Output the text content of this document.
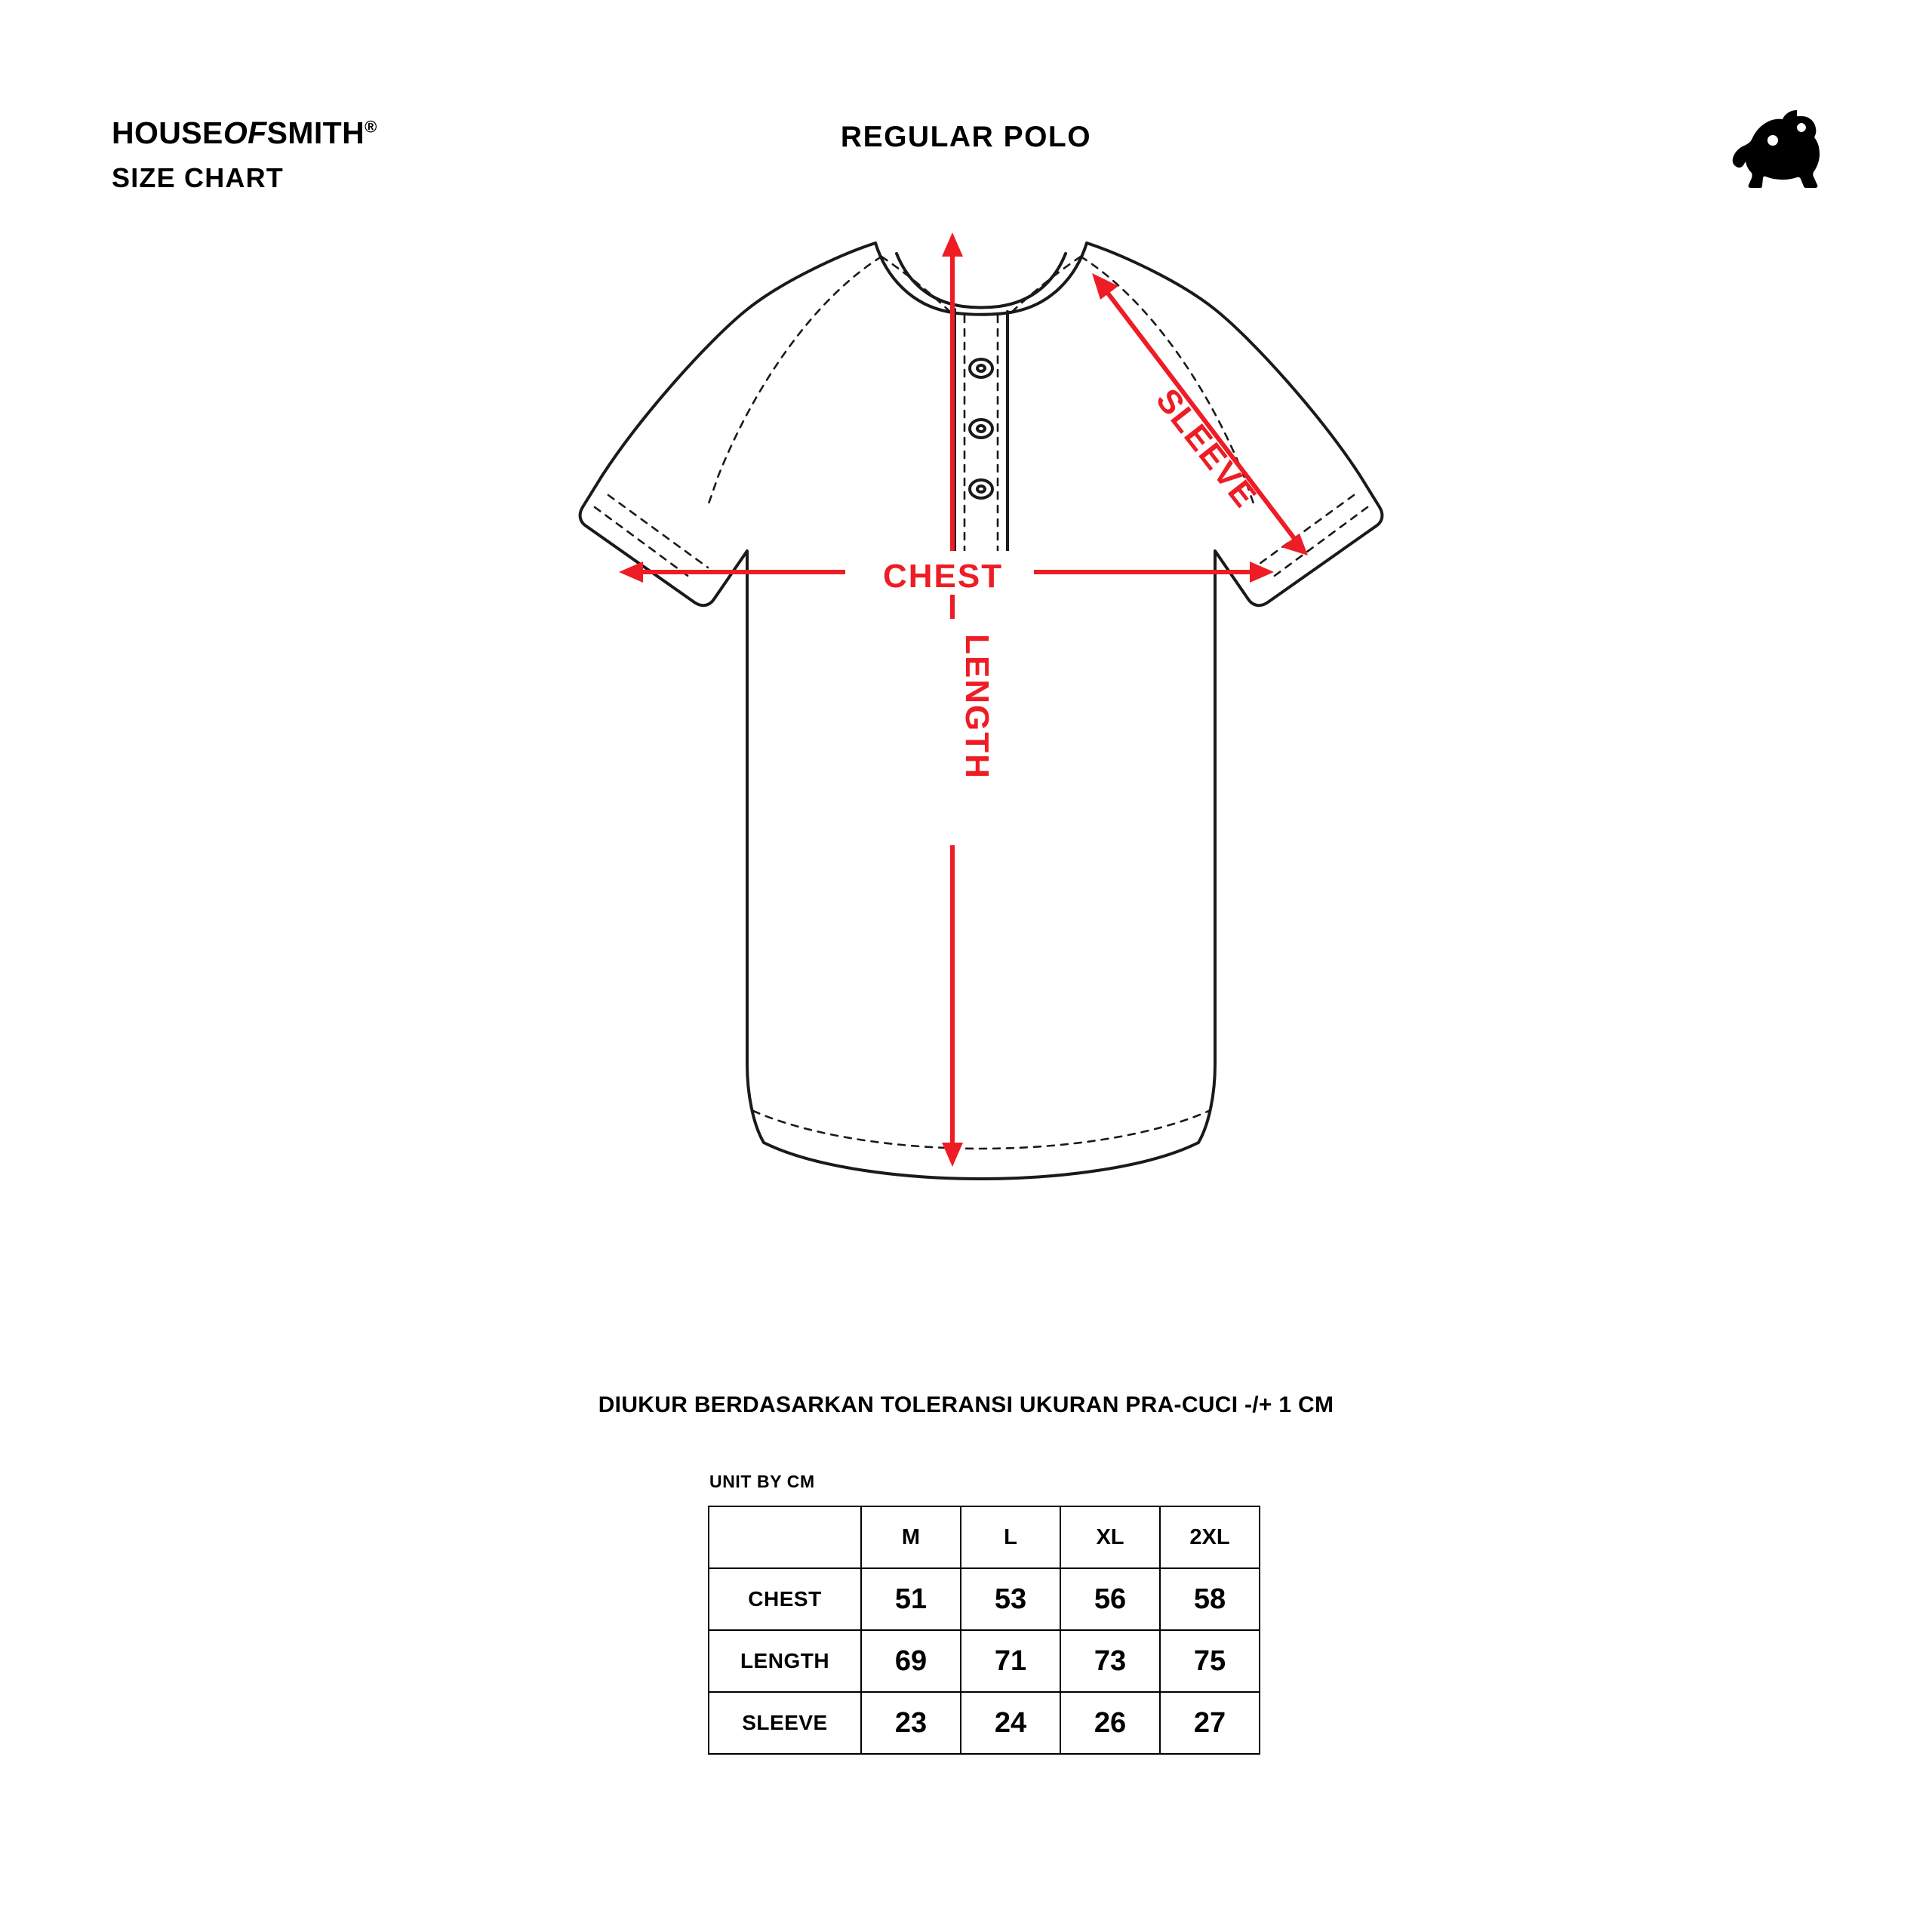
HOUSEOFSMITH®
SIZE CHART
REGULAR POLO
CHEST
LENGTH
SLEEVE
DIUKUR BERDASARKAN TOLERANSI UKURAN PRA-CUCI -/+ 1 CM
UNIT BY CM
	M	L	XL	2XL
CHEST	51	53	56	58
LENGTH	69	71	73	75
SLEEVE	23	24	26	27
